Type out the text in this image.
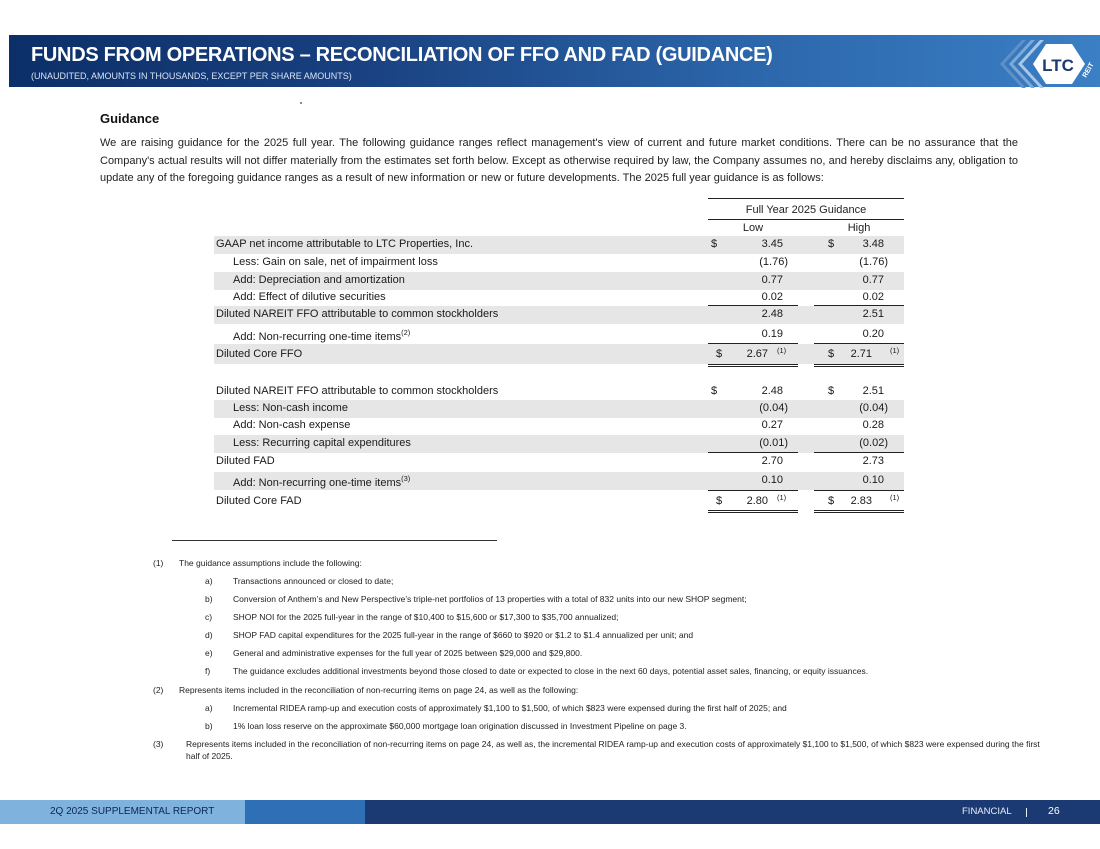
FUNDS FROM OPERATIONS – RECONCILIATION OF FFO AND FAD (GUIDANCE)
(UNAUDITED, AMOUNTS IN THOUSANDS, EXCEPT PER SHARE AMOUNTS)
LTC REIT
Guidance
We are raising guidance for the 2025 full year. The following guidance ranges reflect management's view of current and future market conditions. There can be no assurance that the Company's actual results will not differ materially from the estimates set forth below. Except as otherwise required by law, the Company assumes no, and hereby disclaims any, obligation to update any of the foregoing guidance ranges as a result of new information or new or future developments. The 2025 full year guidance is as follows:
Full Year 2025 Guidance
Low	High
GAAP net income attributable to LTC Properties, Inc.	$	3.45	$	3.48
Less: Gain on sale, net of impairment loss	(1.76)	(1.76)
Add: Depreciation and amortization	0.77	0.77
Add: Effect of dilutive securities	0.02	0.02
Diluted NAREIT FFO attributable to common stockholders	2.48	2.51
Add: Non-recurring one-time items$^{(2)}$	0.19	0.20
Diluted Core FFO	$	2.67 (1)	$	2.71 (1)
Diluted NAREIT FFO attributable to common stockholders	$	2.48	$	2.51
Less: Non-cash income	(0.04)	(0.04)
Add: Non-cash expense	0.27	0.28
Less: Recurring capital expenditures	(0.01)	(0.02)
Diluted FAD	2.70	2.73
Add: Non-recurring one-time items$^{(3)}$	0.10	0.10
Diluted Core FAD	$	2.80 (1)	$	2.83 (1)
(1) The guidance assumptions include the following:
a) Transactions announced or closed to date;
b) Conversion of Anthem’s and New Perspective’s triple-net portfolios of 13 properties with a total of 832 units into our new SHOP segment;
c) SHOP NOI for the 2025 full-year in the range of $10,400 to $15,600 or $17,300 to $35,700 annualized;
d) SHOP FAD capital expenditures for the 2025 full-year in the range of $660 to $920 or $1.2 to $1.4 annualized per unit; and
e) General and administrative expenses for the full year of 2025 between $29,000 and $29,800.
f)	The guidance excludes additional investments beyond those closed to date or expected to close in the next 60 days, potential asset sales, financing, or equity issuances.
(2) Represents items included in the reconciliation of non-recurring items on page 24, as well as the following:
a) Incremental RIDEA ramp-up and execution costs of approximately $1,100 to $1,500, of which $823 were expensed during the first half of 2025; and
b) 1% loan loss reserve on the approximate $60,000 mortgage loan origination discussed in Investment Pipeline on page 3.
(3)	Represents items included in the reconciliation of non-recurring items on page 24, as well as, the incremental RIDEA ramp-up and execution costs of approximately $1,100 to $1,500, of which $823 were expensed during the first half of 2025.
2Q 2025 SUPPLEMENTAL REPORT	FINANCIAL	26
